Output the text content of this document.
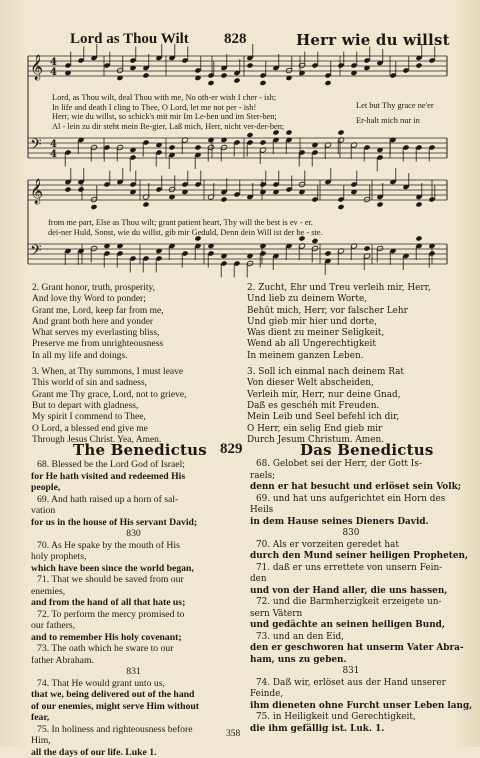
Lord as Thou Wilt 828	Herr wie du willst
𝄞
𝄢
4
4
4
4
𝄞
𝄢
Lord, as Thou wilt, deal Thou with me, No oth-er wish I cher - ish;
In life and death I cling to Thee, O Lord, let me not per - ish!
Herr, wie du willst, so schick's mit mir Im Le-ben und im Ster-ben;
Al - lein zu dir steht mein Be-gier, Laß mich, Herr, nicht ver-der-ben;
Let but Thy grace ne'er
Er-halt mich nur in
from me part, Else as Thou wilt; grant patient heart, Thy will the best is ev - er.
dei-ner Huld, Sonst, wie du willst, gib mir Geduld, Denn dein Will ist der be - ste.
2. Grant honor, truth, prosperity,
And love thy Word to ponder;
Grant me, Lord, keep far from me,
And grant both here and yonder
What serves my everlasting bliss,
Preserve me from unrighteousness
In all my life and doings.
3. When, at Thy summons, I must leave
This world of sin and sadness,
Grant me Thy grace, Lord, not to grieve,
But to depart with gladness,
My spirit I commend to Thee,
O Lord, a blessed end give me
Through Jesus Christ. Yea, Amen.
2. Zucht, Ehr und Treu verleih mir, Herr,
Und lieb zu deinem Worte,
Behüt mich, Herr, vor falscher Lehr
Und gieb mir hier und dorte,
Was dient zu meiner Seligkeit,
Wend ab all Ungerechtigkeit
In meinem ganzen Leben.
3. Soll ich einmal nach deinem Rat
Von dieser Welt abscheiden,
Verleih mir, Herr, nur deine Gnad,
Daß es geschéh mit Freuden.
Mein Leib und Seel befehl ich dir,
O Herr, ein selig End gieb mir
Durch Jesum Christum. Amen.
The Benedictus 829	Das Benedictus
68. Blessed be the Lord God of Israel;
for He hath visited and redeemed His
people,
69. And hath raised up a horn of sal-
vation
for us in the house of His servant David;
830
70. As He spake by the mouth of His
holy prophets,
which have been since the world began,
71. That we should be saved from our
enemies,
and from the hand of all that hate us;
72. To perform the mercy promised to
our fathers,
and to remember His holy covenant;
73. The oath which he sware to our
father Abraham.
831
74. That He would grant unto us,
that we, being delivered out of the hand
of our enemies, might serve Him without
fear,
75. In holiness and righteousness before
Him,
all the days of our life. Luke 1.
68. Gelobet sei der Herr, der Gott Is-
raels;
denn er hat besucht und erlöset sein Volk;
69. und hat uns aufgerichtet ein Horn des
Heils
in dem Hause seines Dieners David.
830
70. Als er vorzeiten geredet hat
durch den Mund seiner heiligen Propheten,
71. daß er uns errettete von unsern Fein-
den
und von der Hand aller, die uns hassen,
72. und die Barmherzigkeit erzeigete un-
sern Vätern
und gedächte an seinen heiligen Bund,
73. und an den Eid,
den er geschworen hat unserm Vater Abra-
ham, uns zu geben.
831
74. Daß wir, erlöset aus der Hand unserer
Feinde,
ihm dieneten ohne Furcht unser Leben lang,
75. in Heiligkeit und Gerechtigkeit,
die ihm gefällig ist. Luk. 1.
358
